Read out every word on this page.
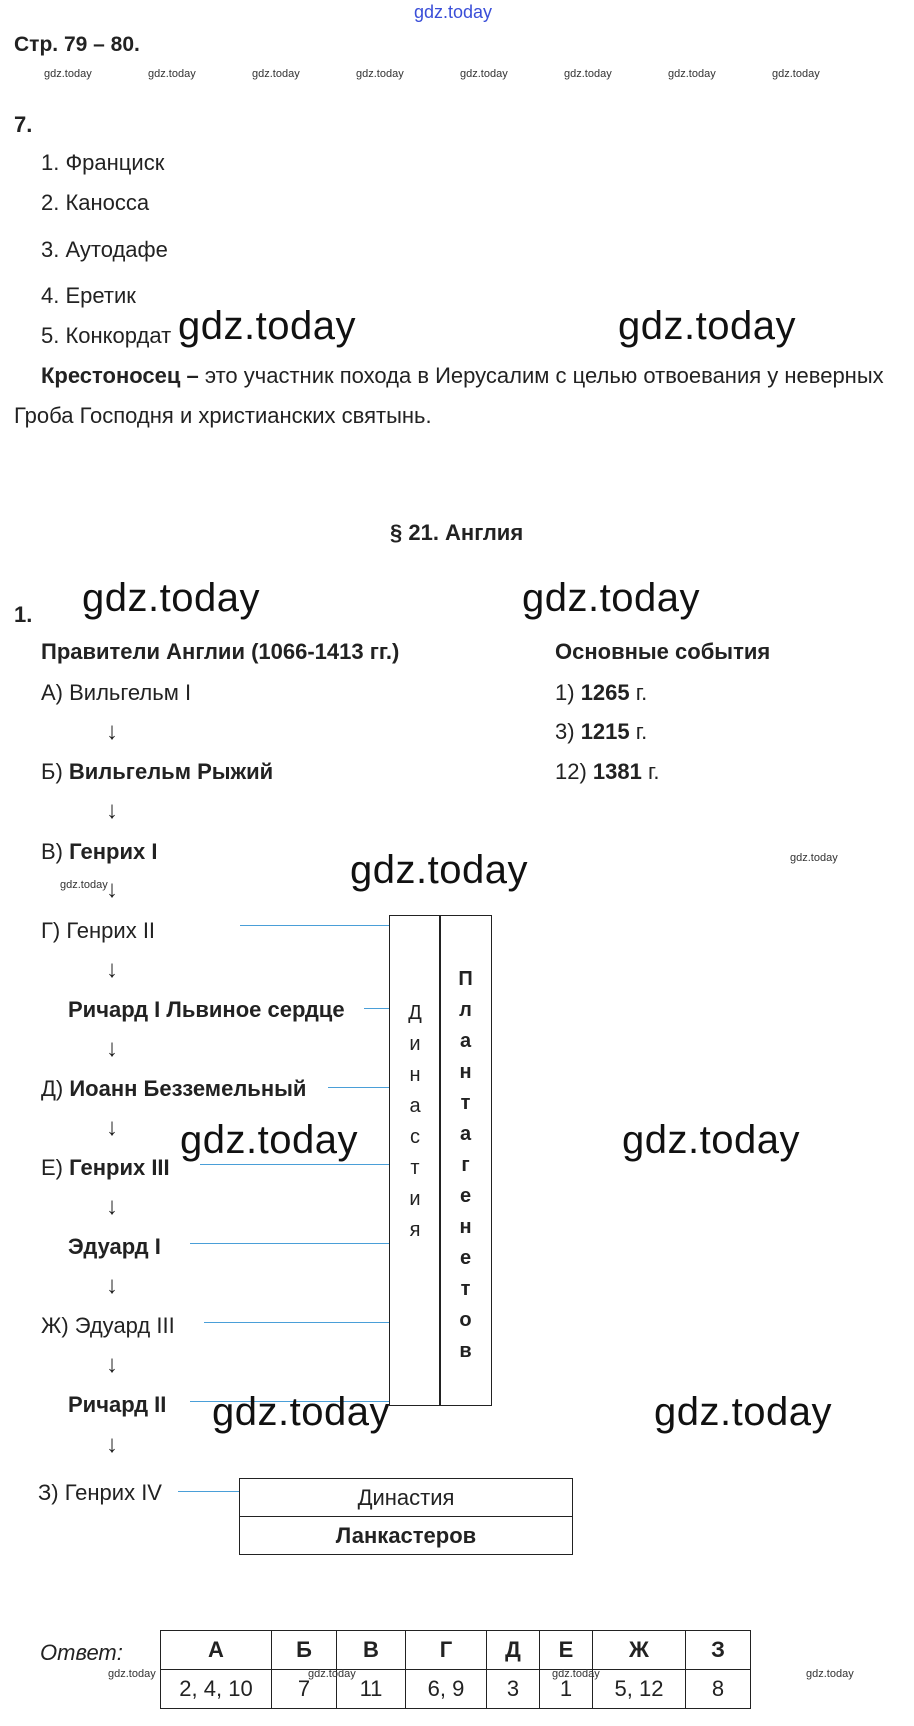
gdz.today
Стр. 79 – 80.
gdz.today	gdz.today	gdz.today	gdz.today	gdz.today	gdz.today	gdz.today	gdz.today
7.
1. Франциск
2. Каносса
3. Аутодафе
4. Еретик
5. Конкордат gdz.today	gdz.today
Крестоносец – это участник похода в Иерусалим с целью отвоевания у неверных
Гроба Господня и христианских святынь.
§ 21. Англия
1. gdz.today	gdz.today
Правители Англии (1066-1413 гг.)	Основные события
1) 1265 г.
3) 1215 г.
12) 1381 г.
А) Вильгельм I
↓
Б) Вильгельм Рыжий
↓
В) Генрих I
↓
gdz.today
gdz.today
gdz.today
Г) Генрих II
↓
Ричард I Львиное сердце
↓
Д) Иоанн Безземельный
↓
Е) Генрих III
gdz.today	gdz.today
↓
Эдуард I
↓
Ж) Эдуард III
↓
Ричард II gdz.today	gdz.today
↓
З) Генрих IV
Д
и
н
а
с
т
и
я
П
л
а
н
т
а
г
е
н
е
т
о
в
Династия
Ланкастеров
Ответ:	А	Б	В	Г	Д	Е	Ж	З
2, 4, 10	7	11	6, 9	3	1	5, 12	8
gdz.today	gdz.today	gdz.today	gdz.today
